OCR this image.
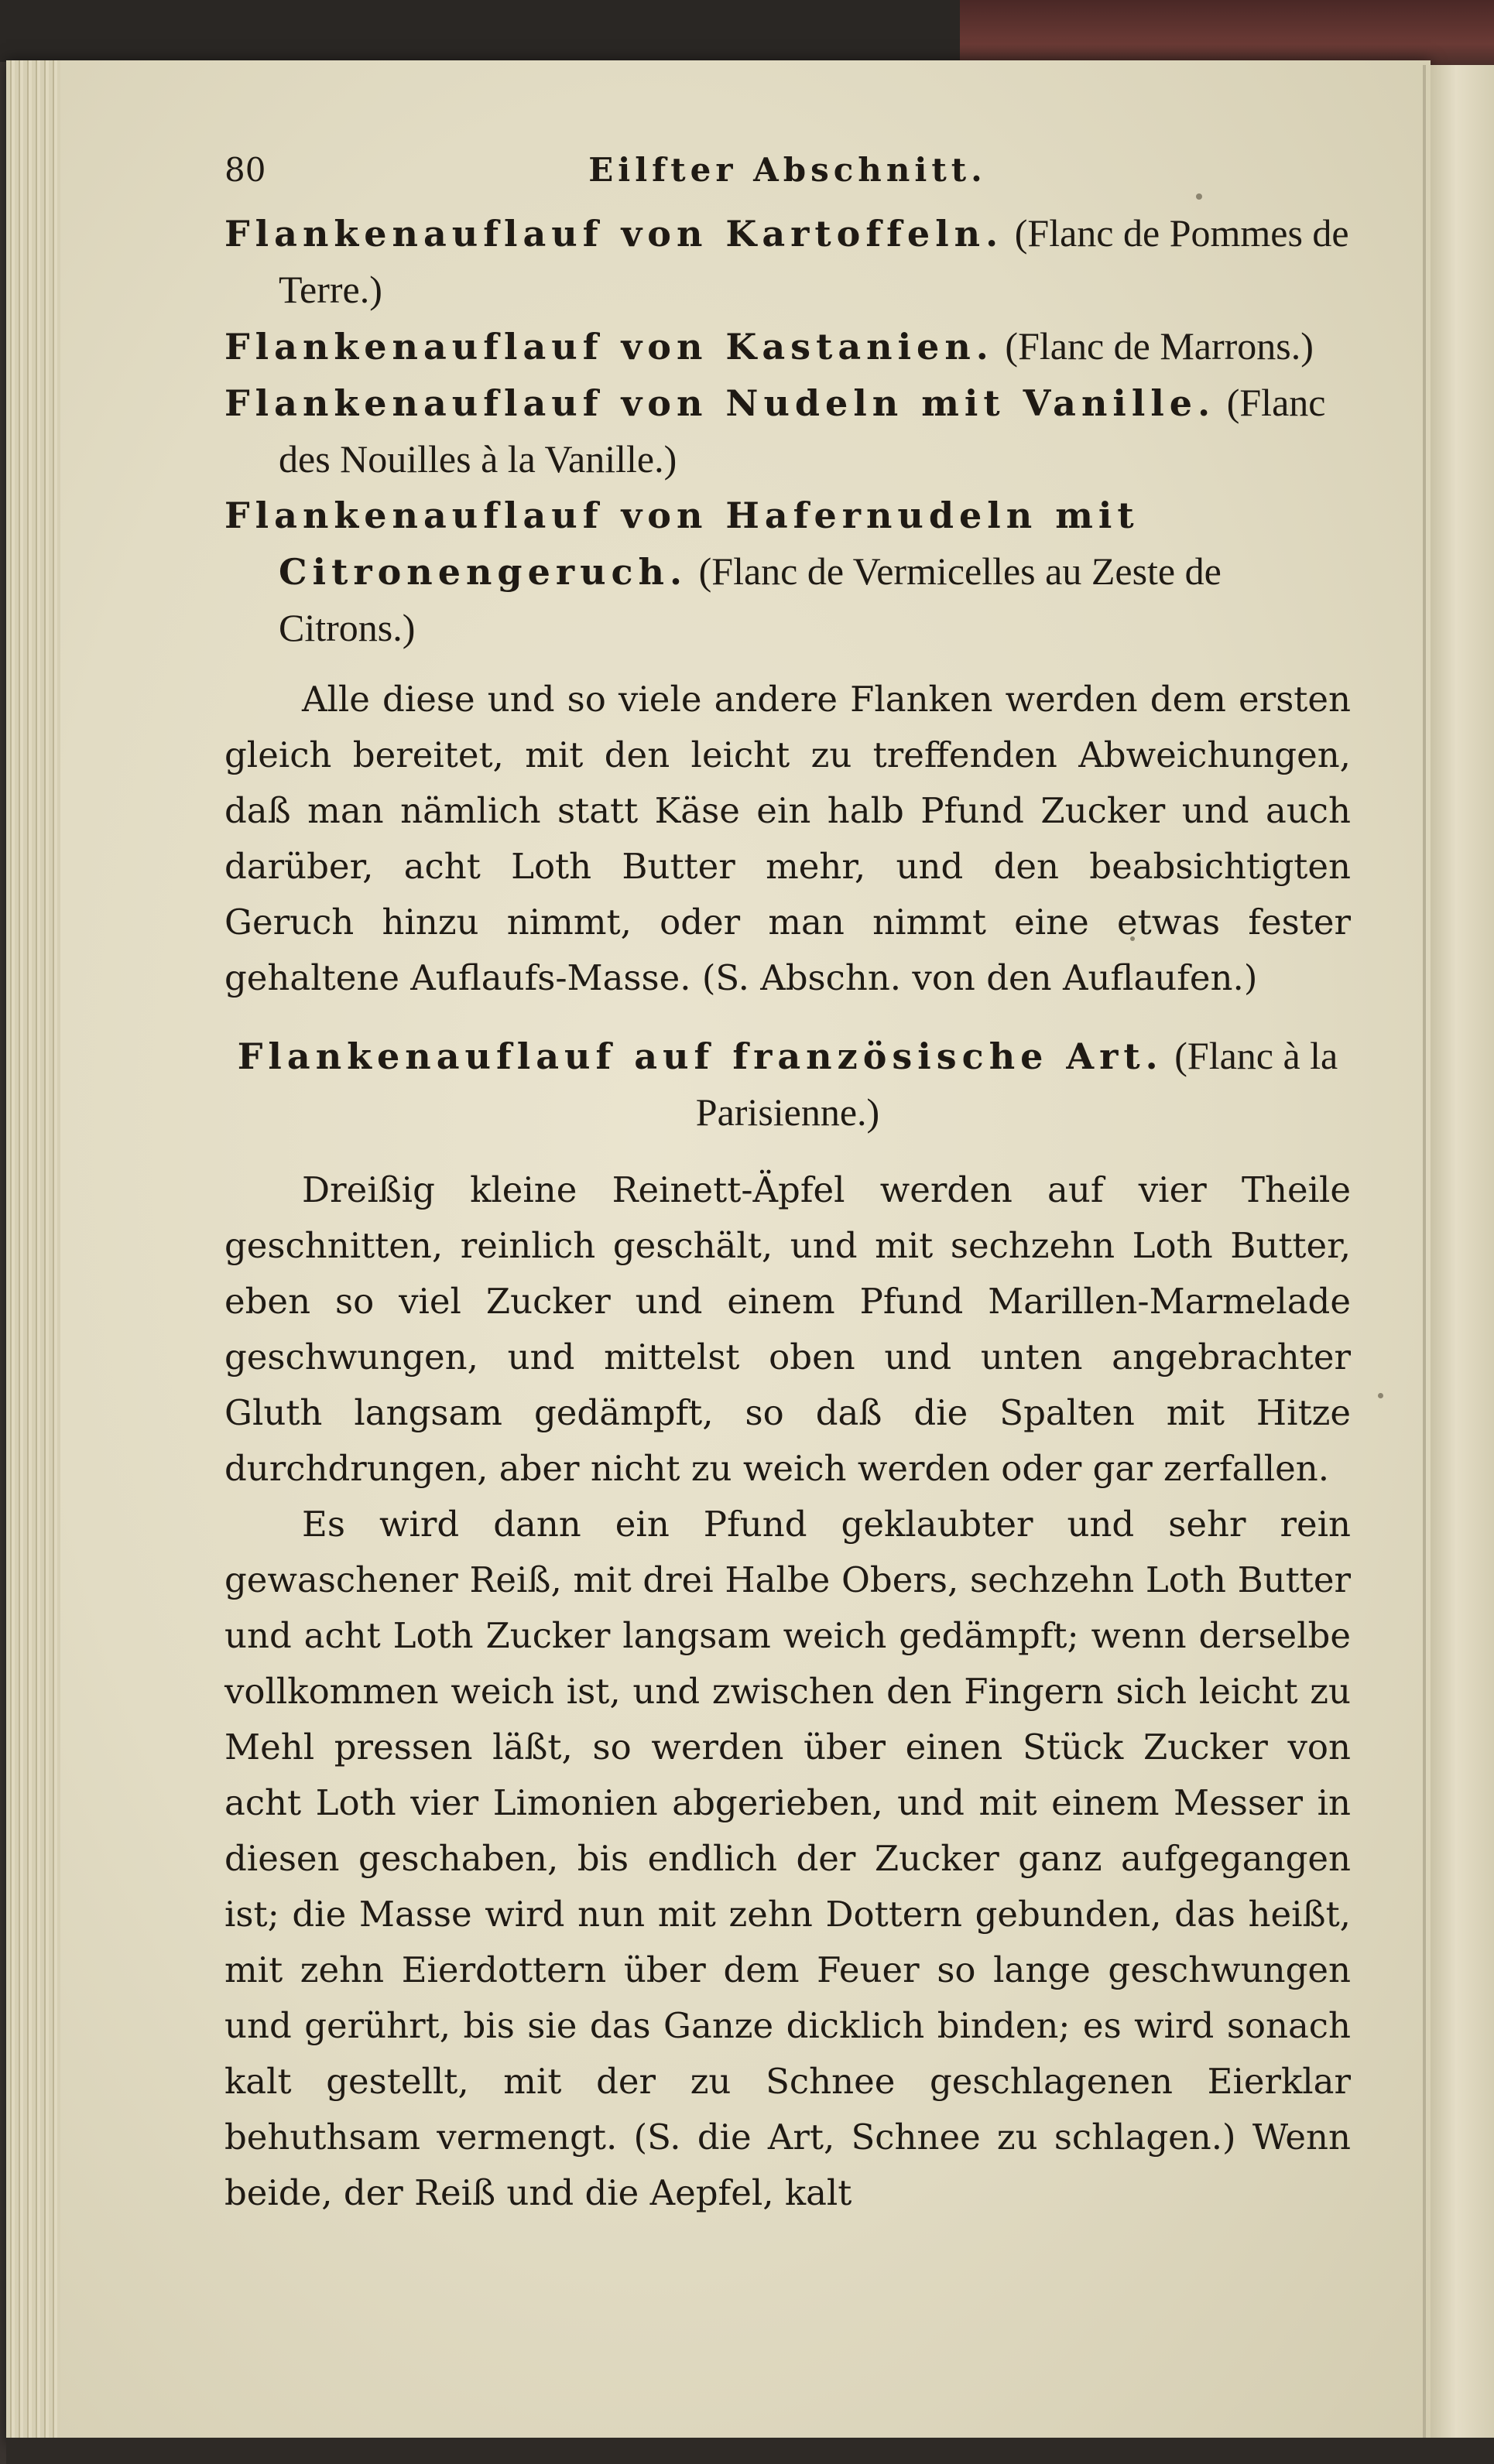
80	Eilfter Abschnitt.

Flankenauflauf von Kartoffeln. (Flanc de Pommes de Terre.)

Flankenauflauf von Kastanien. (Flanc de Marrons.)

Flankenauflauf von Nudeln mit Vanille. (Flanc des Nouilles à la Vanille.)

Flankenauflauf von Hafernudeln mit Citronengeruch. (Flanc de Vermicelles au Zeste de Citrons.)

Alle diese und so viele andere Flanken werden dem ersten gleich bereitet, mit den leicht zu treffenden Abweichungen, daß man nämlich statt Käse ein halb Pfund Zucker und auch darüber, acht Loth Butter mehr, und den beabsichtigten Geruch hinzu nimmt, oder man nimmt eine etwas fester gehaltene Auflaufs-Masse. (S. Abschn. von den Auflaufen.)

Flankenauflauf auf französische Art. (Flanc à la Parisienne.)

Dreißig kleine Reinett-Äpfel werden auf vier Theile geschnitten, reinlich geschält, und mit sechzehn Loth Butter, eben so viel Zucker und einem Pfund Marillen-Marmelade geschwungen, und mittelst oben und unten angebrachter Gluth langsam gedämpft, so daß die Spalten mit Hitze durchdrungen, aber nicht zu weich werden oder gar zerfallen.

Es wird dann ein Pfund geklaubter und sehr rein gewaschener Reiß, mit drei Halbe Obers, sechzehn Loth Butter und acht Loth Zucker langsam weich gedämpft; wenn derselbe vollkommen weich ist, und zwischen den Fingern sich leicht zu Mehl pressen läßt, so werden über einen Stück Zucker von acht Loth vier Limonien abgerieben, und mit einem Messer in diesen geschaben, bis endlich der Zucker ganz aufgegangen ist; die Masse wird nun mit zehn Dottern gebunden, das heißt, mit zehn Eierdottern über dem Feuer so lange geschwungen und gerührt, bis sie das Ganze dicklich binden; es wird sonach kalt gestellt, mit der zu Schnee geschlagenen Eierklar behuthsam vermengt. (S. die Art, Schnee zu schlagen.) Wenn beide, der Reiß und die Aepfel, kalt
